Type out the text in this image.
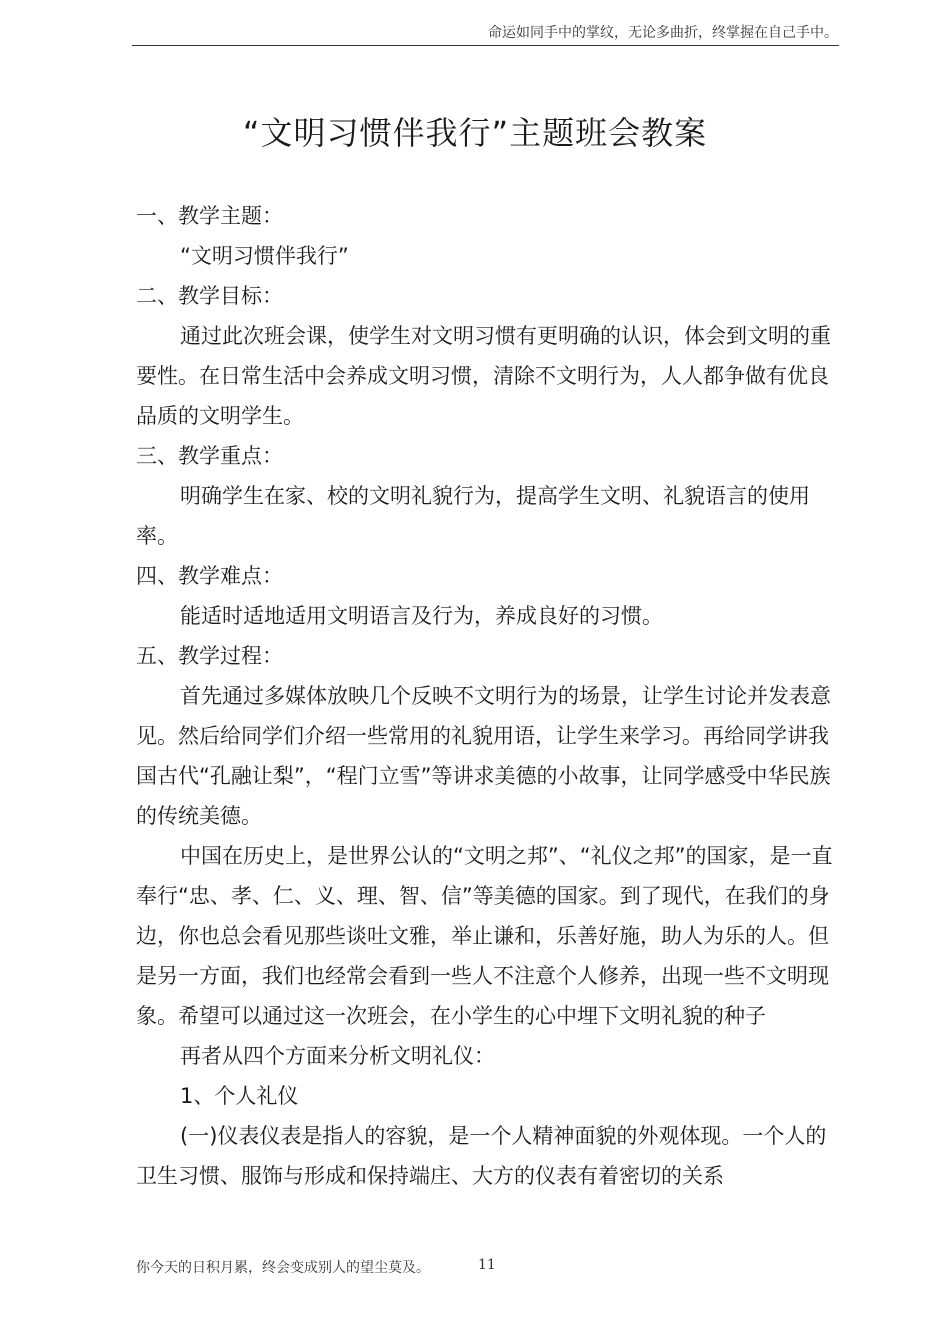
命运如同手中的掌纹，无论多曲折，终掌握在自己手中。
“文明习惯伴我行”主题班会教案

一、教学主题：

“文明习惯伴我行”

二、教学目标：

通过此次班会课，使学生对文明习惯有更明确的认识，体会到文明的重要性。在日常生活中会养成文明习惯，清除不文明行为，人人都争做有优良品质的文明学生。

三、教学重点：

明确学生在家、校的文明礼貌行为，提高学生文明、礼貌语言的使用率。

四、教学难点：

能适时适地适用文明语言及行为，养成良好的习惯。

五、教学过程：

首先通过多媒体放映几个反映不文明行为的场景，让学生讨论并发表意见。然后给同学们介绍一些常用的礼貌用语，让学生来学习。再给同学讲我国古代“孔融让梨”，“程门立雪”等讲求美德的小故事，让同学感受中华民族的传统美德。

中国在历史上，是世界公认的“文明之邦”、“礼仪之邦”的国家，是一直奉行“忠、孝、仁、义、理、智、信”等美德的国家。到了现代，在我们的身边，你也总会看见那些谈吐文雅，举止谦和，乐善好施，助人为乐的人。但是另一方面，我们也经常会看到一些人不注意个人修养，出现一些不文明现象。希望可以通过这一次班会，在小学生的心中埋下文明礼貌的种子

再者从四个方面来分析文明礼仪：

1、个人礼仪

(一)仪表仪表是指人的容貌，是一个人精神面貌的外观体现。一个人的卫生习惯、服饰与形成和保持端庄、大方的仪表有着密切的关系

你今天的日积月累，终会变成别人的望尘莫及。	11
